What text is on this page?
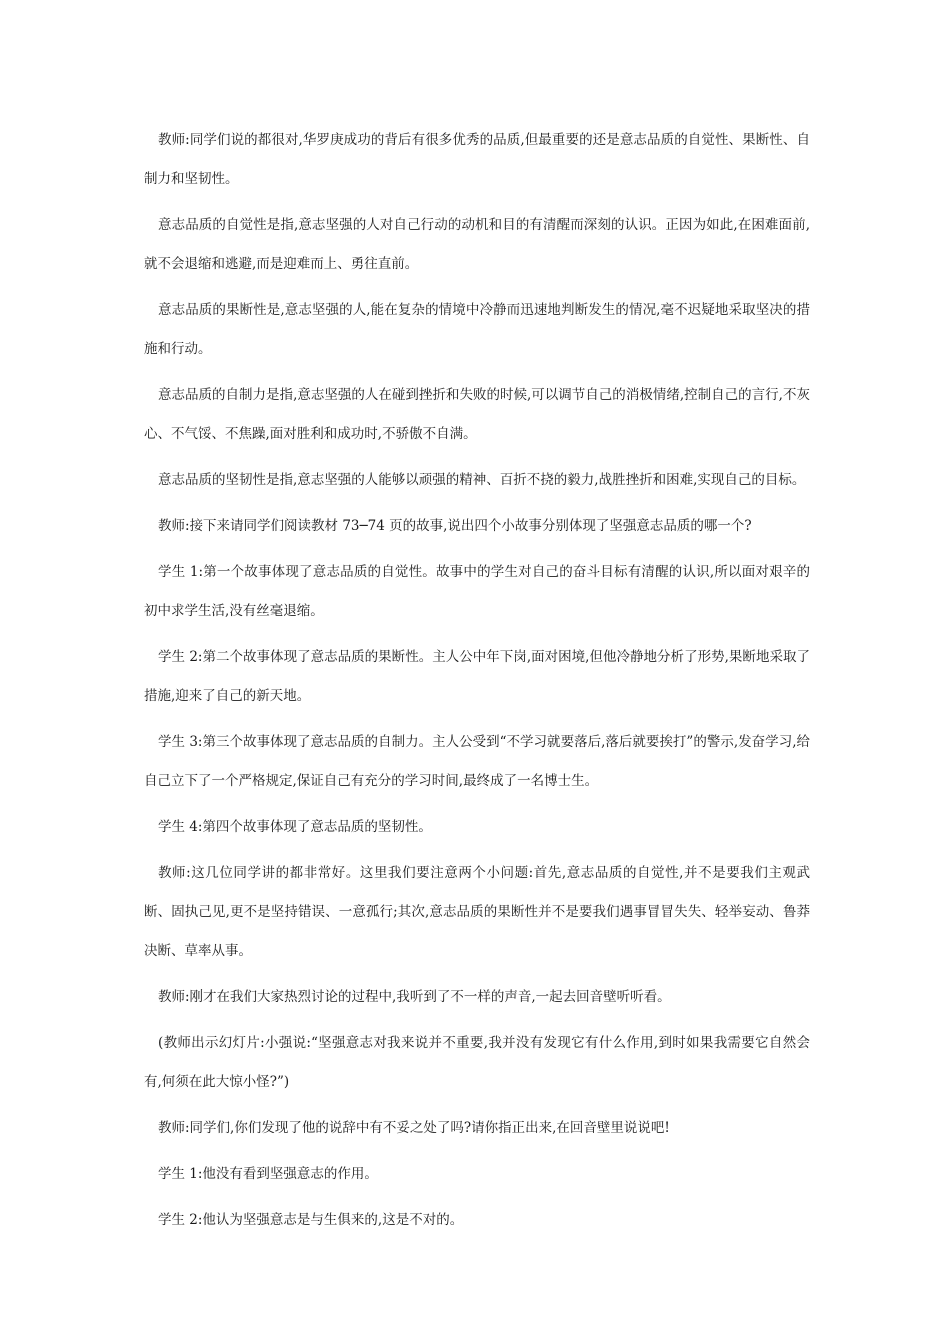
教师:同学们说的都很对,华罗庚成功的背后有很多优秀的品质,但最重要的还是意志品质的自觉性、果断性、自制力和坚韧性。

意志品质的自觉性是指,意志坚强的人对自己行动的动机和目的有清醒而深刻的认识。正因为如此,在困难面前,就不会退缩和逃避,而是迎难而上、勇往直前。

意志品质的果断性是,意志坚强的人,能在复杂的情境中冷静而迅速地判断发生的情况,毫不迟疑地采取坚决的措施和行动。

意志品质的自制力是指,意志坚强的人在碰到挫折和失败的时候,可以调节自己的消极情绪,控制自己的言行,不灰心、不气馁、不焦躁,面对胜利和成功时,不骄傲不自满。

意志品质的坚韧性是指,意志坚强的人能够以顽强的精神、百折不挠的毅力,战胜挫折和困难,实现自己的目标。

教师:接下来请同学们阅读教材 73─74 页的故事,说出四个小故事分别体现了坚强意志品质的哪一个?

学生 1:第一个故事体现了意志品质的自觉性。故事中的学生对自己的奋斗目标有清醒的认识,所以面对艰辛的初中求学生活,没有丝毫退缩。

学生 2:第二个故事体现了意志品质的果断性。主人公中年下岗,面对困境,但他冷静地分析了形势,果断地采取了措施,迎来了自己的新天地。

学生 3:第三个故事体现了意志品质的自制力。主人公受到“不学习就要落后,落后就要挨打”的警示,发奋学习,给自己立下了一个严格规定,保证自己有充分的学习时间,最终成了一名博士生。

学生 4:第四个故事体现了意志品质的坚韧性。

教师:这几位同学讲的都非常好。这里我们要注意两个小问题:首先,意志品质的自觉性,并不是要我们主观武断、固执己见,更不是坚持错误、一意孤行;其次,意志品质的果断性并不是要我们遇事冒冒失失、轻举妄动、鲁莽决断、草率从事。

教师:刚才在我们大家热烈讨论的过程中,我听到了不一样的声音,一起去回音壁听听看。

(教师出示幻灯片:小强说:“坚强意志对我来说并不重要,我并没有发现它有什么作用,到时如果我需要它自然会有,何须在此大惊小怪?”)

教师:同学们,你们发现了他的说辞中有不妥之处了吗?请你指正出来,在回音壁里说说吧!

学生 1:他没有看到坚强意志的作用。

学生 2:他认为坚强意志是与生俱来的,这是不对的。
